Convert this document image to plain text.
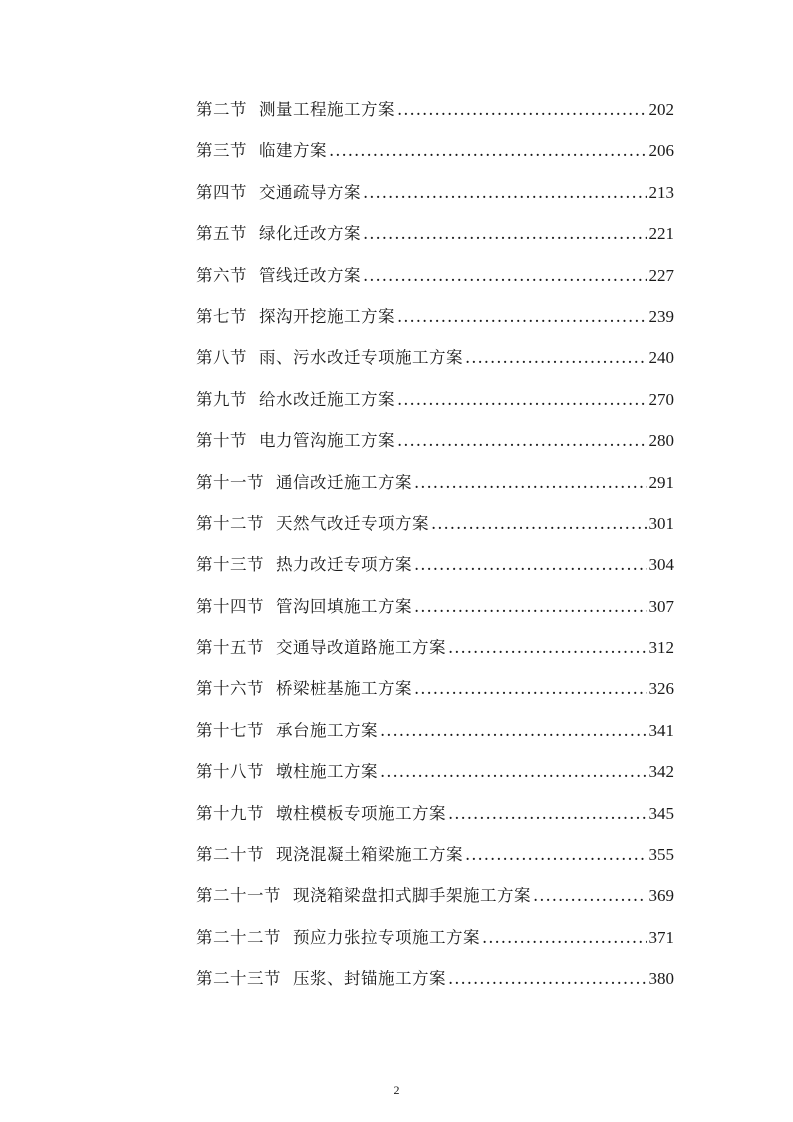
第二节 测量工程施工方案 .....	202
第三节 临建方案 .....	206
第四节 交通疏导方案 .....	213
第五节 绿化迁改方案 .....	221
第六节 管线迁改方案 .....	227
第七节 探沟开挖施工方案 .....	239
第八节 雨、污水改迁专项施工方案 .....	240
第九节 给水改迁施工方案 .....	270
第十节 电力管沟施工方案 .....	280
第十一节 通信改迁施工方案 .....	291
第十二节 天然气改迁专项方案 .....	301
第十三节 热力改迁专项方案 .....	304
第十四节 管沟回填施工方案 .....	307
第十五节 交通导改道路施工方案 .....	312
第十六节 桥梁桩基施工方案 .....	326
第十七节 承台施工方案 .....	341
第十八节 墩柱施工方案 .....	342
第十九节 墩柱模板专项施工方案 .....	345
第二十节 现浇混凝土箱梁施工方案 .....	355
第二十一节 现浇箱梁盘扣式脚手架施工方案 .....	369
第二十二节 预应力张拉专项施工方案 .....	371
第二十三节 压浆、封锚施工方案 .....	380
2
